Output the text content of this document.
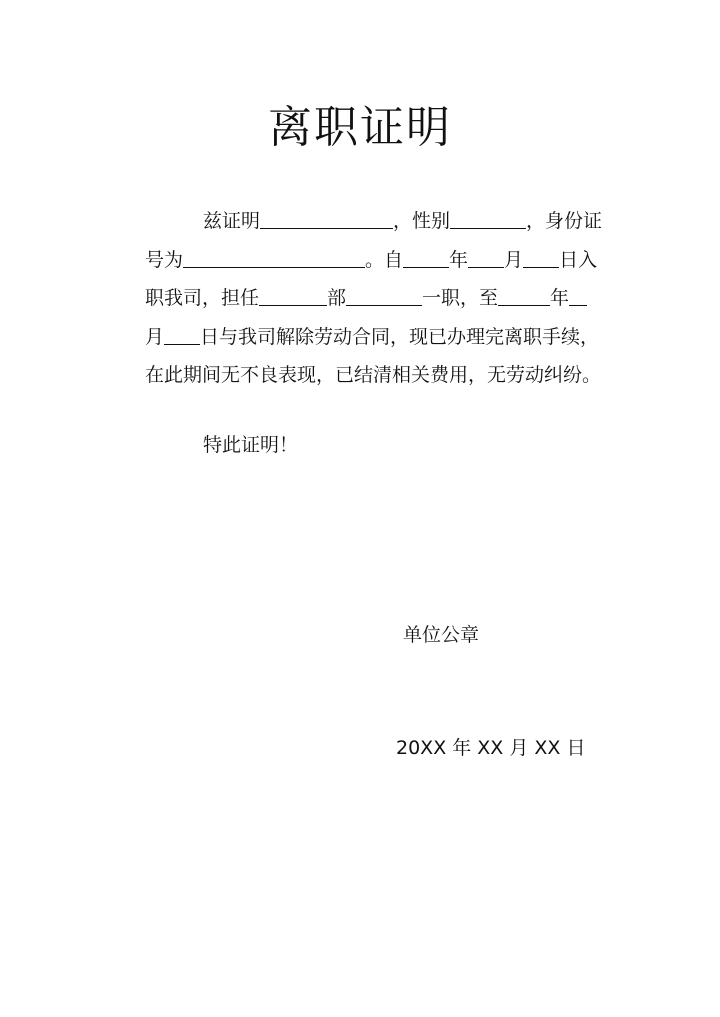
离职证明
兹证明	，性别	，身份证
号为	。自 年 月 日入
职我司，担任	部	一职，至	年
月 日与我司解除劳动合同，现已办理完离职手续，
在此期间无不良表现，已结清相关费用，无劳动纠纷。

特此证明！

单位公章

20XX 年 XX 月 XX 日
